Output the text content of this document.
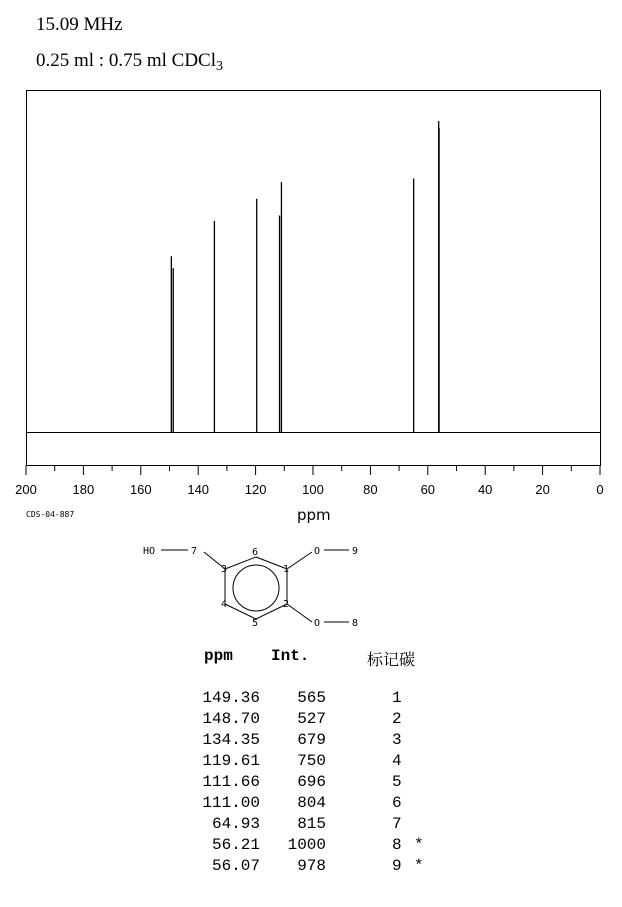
15.09 MHz
0.25 ml : 0.75 ml CDCl$_3$
200	180	160	140	120	100	80	60	40	20	0
HO	7	6
3	1
O	9
4	2
5	O	8
CDS-04-887	ppm
ppm Int.	标记碳
149.36 565	1
148.70 527	2
134.35 679	3
119.61 750	4
111.66 696	5
111.00 804	6
64.93 815	7
56.21 1000	8 *
56.07 978	9 *
